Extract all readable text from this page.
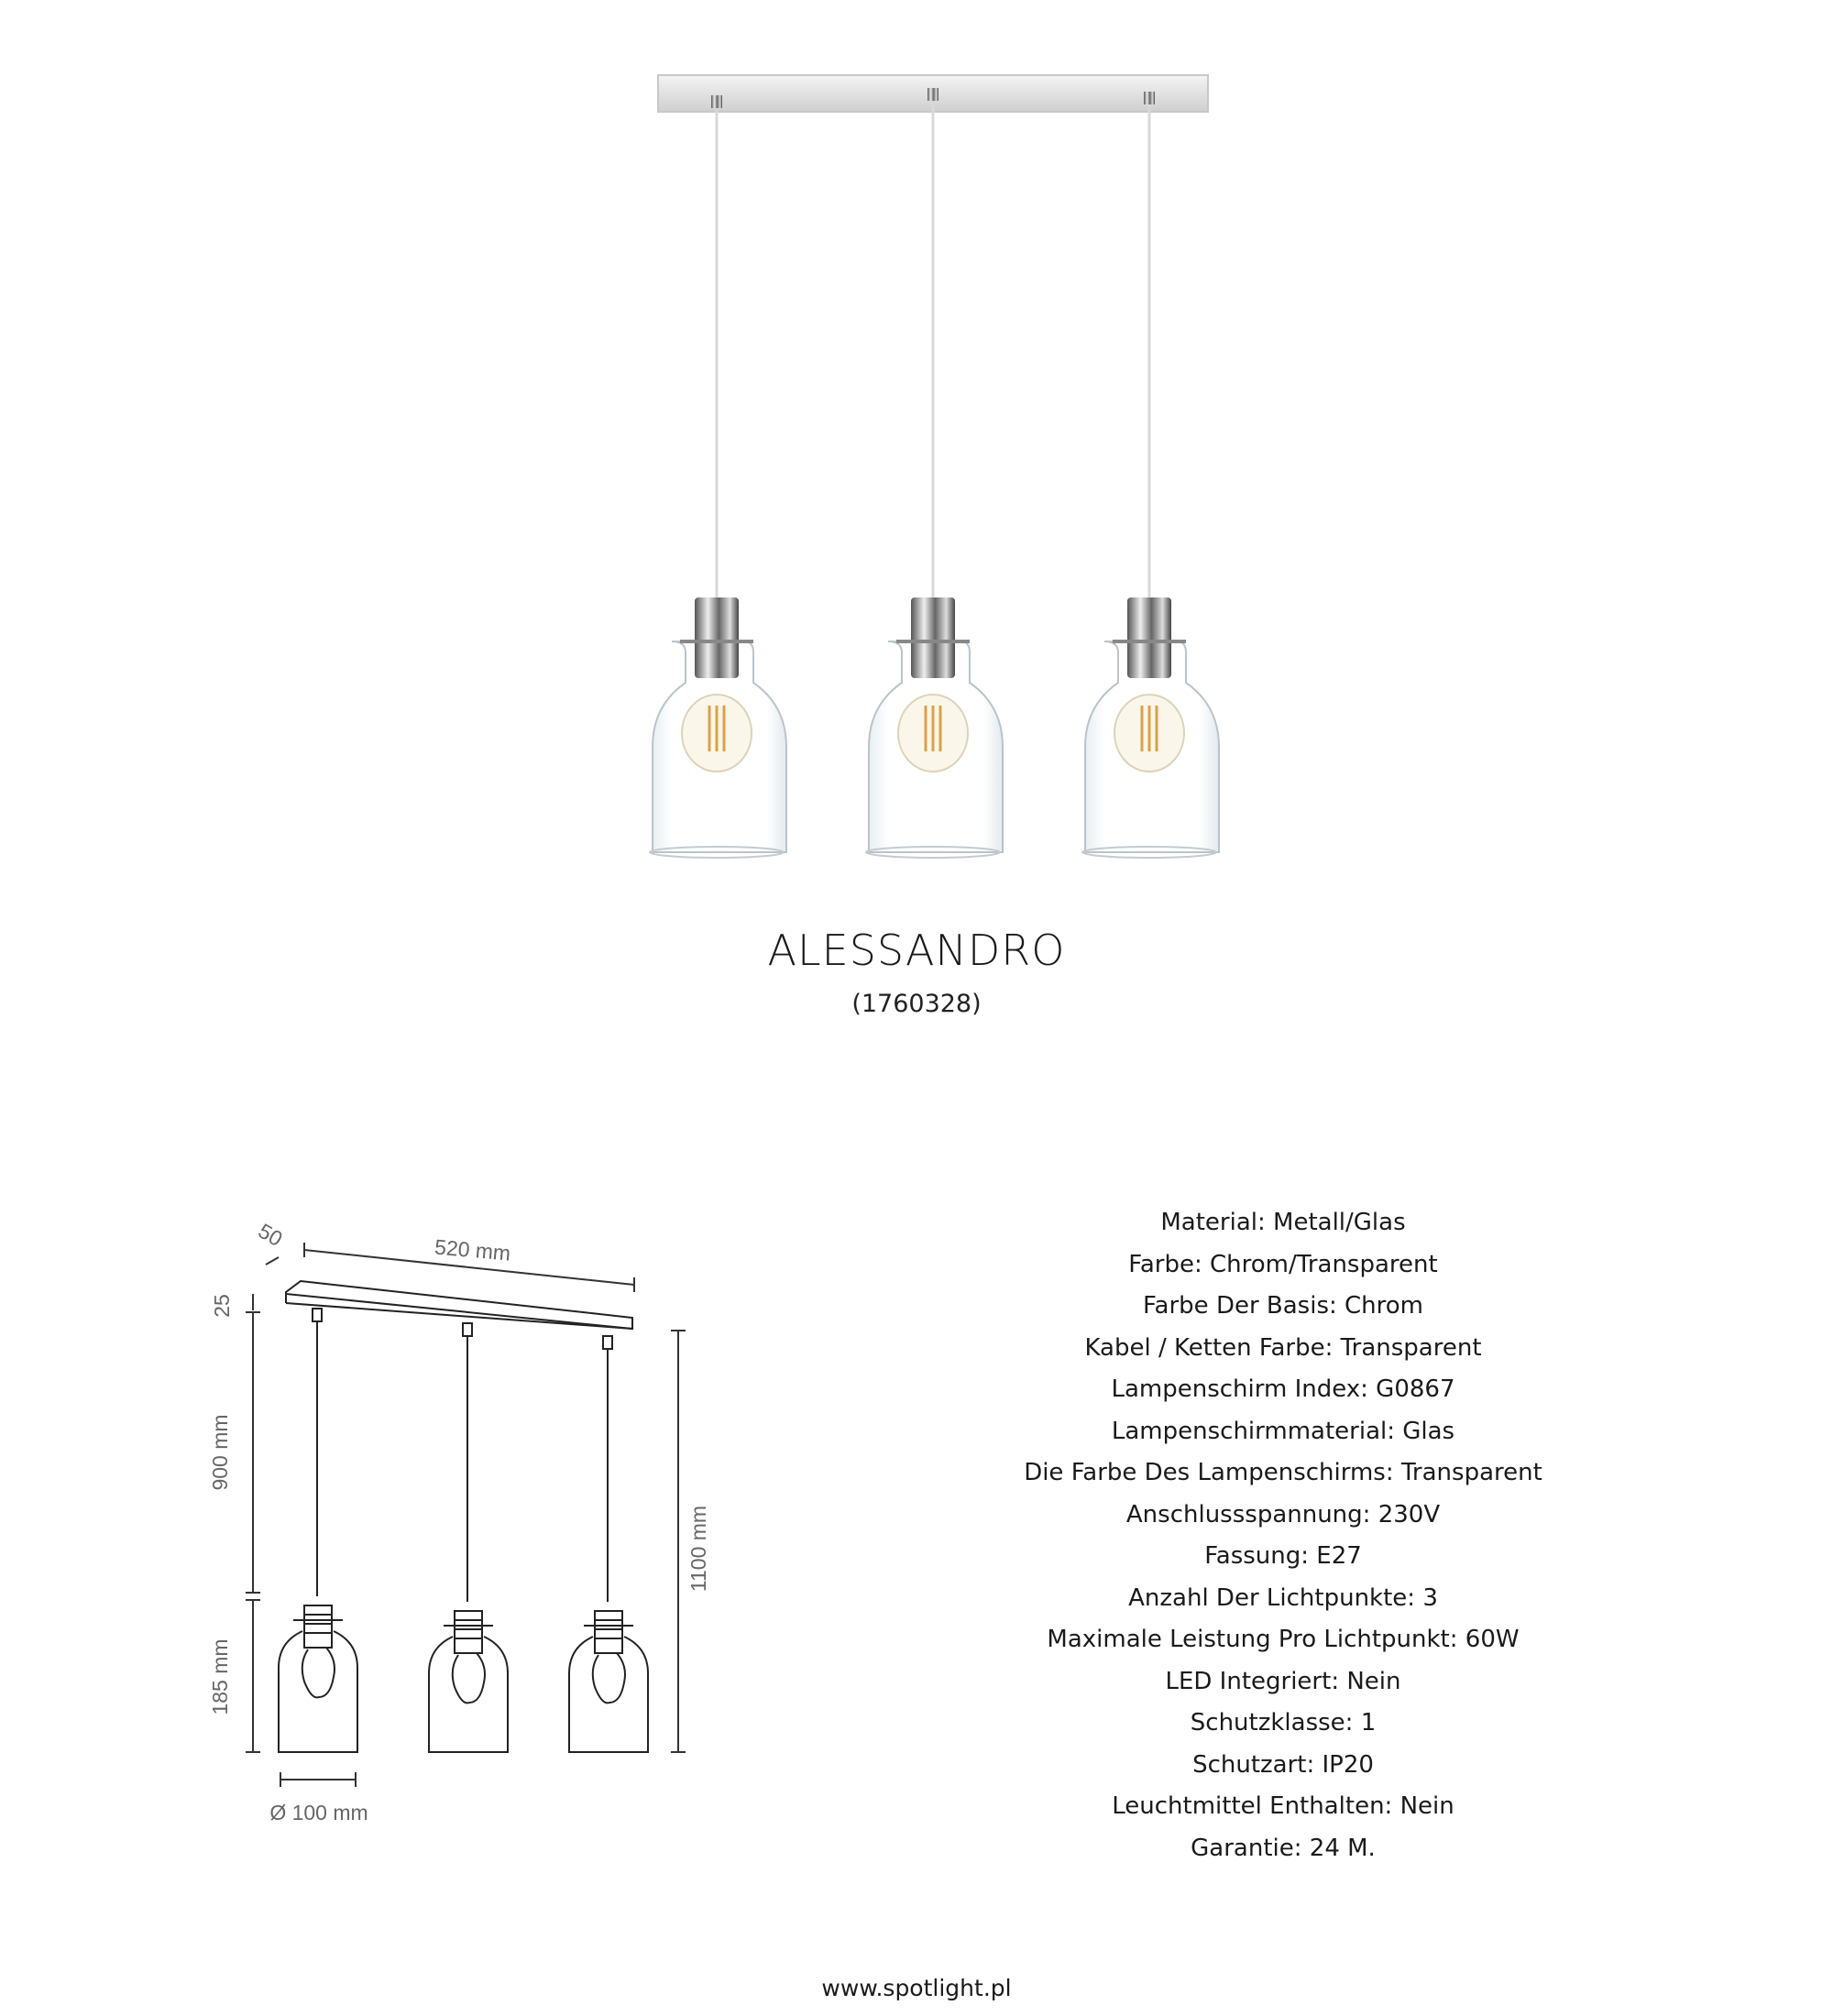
ALESSANDRO
(1760328)
520 mm
50
25
900 mm
185 mm
1100 mm
Ø 100 mm
Material: Metall/Glas
Farbe: Chrom/Transparent
Farbe Der Basis: Chrom
Kabel / Ketten Farbe: Transparent
Lampenschirm Index: G0867
Lampenschirmmaterial: Glas
Die Farbe Des Lampenschirms: Transparent
Anschlussspannung: 230V
Fassung: E27
Anzahl Der Lichtpunkte: 3
Maximale Leistung Pro Lichtpunkt: 60W
LED Integriert: Nein
Schutzklasse: 1
Schutzart: IP20
Leuchtmittel Enthalten: Nein
Garantie: 24 M.
www.spotlight.pl
